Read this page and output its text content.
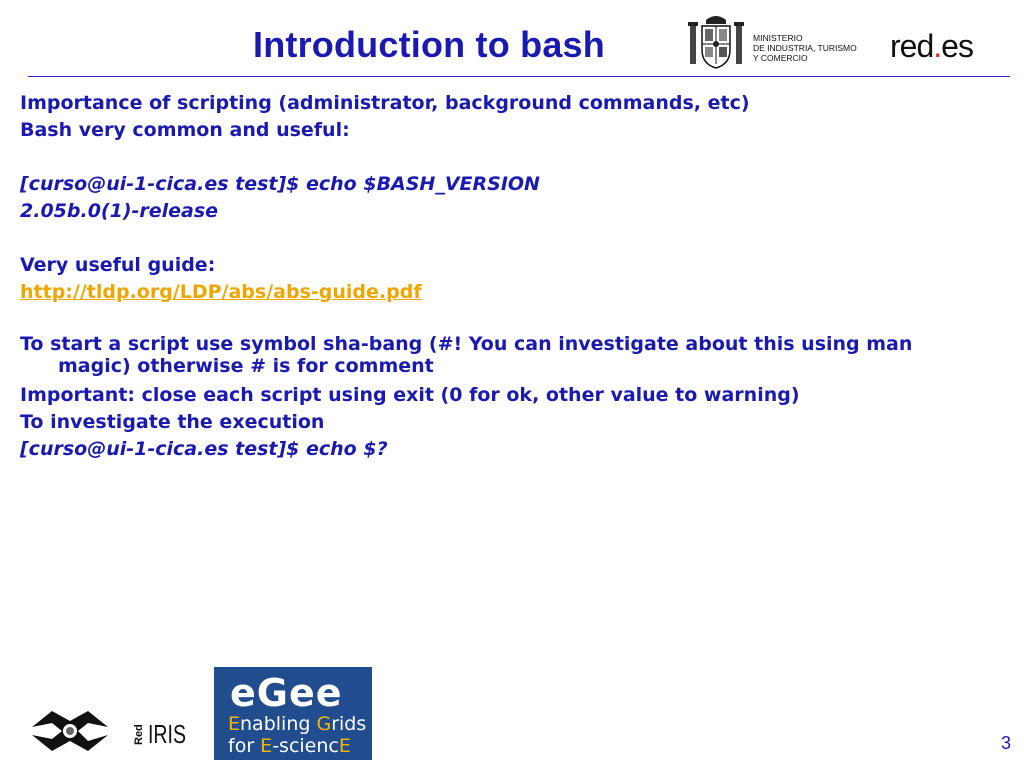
Introduction to bash	MINISTERIO
DE INDUSTRIA, TURISMO
Y COMERCIO	red.es
Importance of scripting (administrator, background commands, etc)
Bash very common and useful:
[curso@ui-1-cica.es test]$ echo $BASH_VERSION
2.05b.0(1)-release
Very useful guide:
http://tldp.org/LDP/abs/abs-guide.pdf
To start a script use symbol sha-bang (#! You can investigate about this using man
magic) otherwise # is for comment
Important: close each script using exit (0 for ok, other value to warning)
To investigate the execution
[curso@ui-1-cica.es test]$ echo $?
Red IRIS
eGee
Enabling Grids
for E-sciencE	3
